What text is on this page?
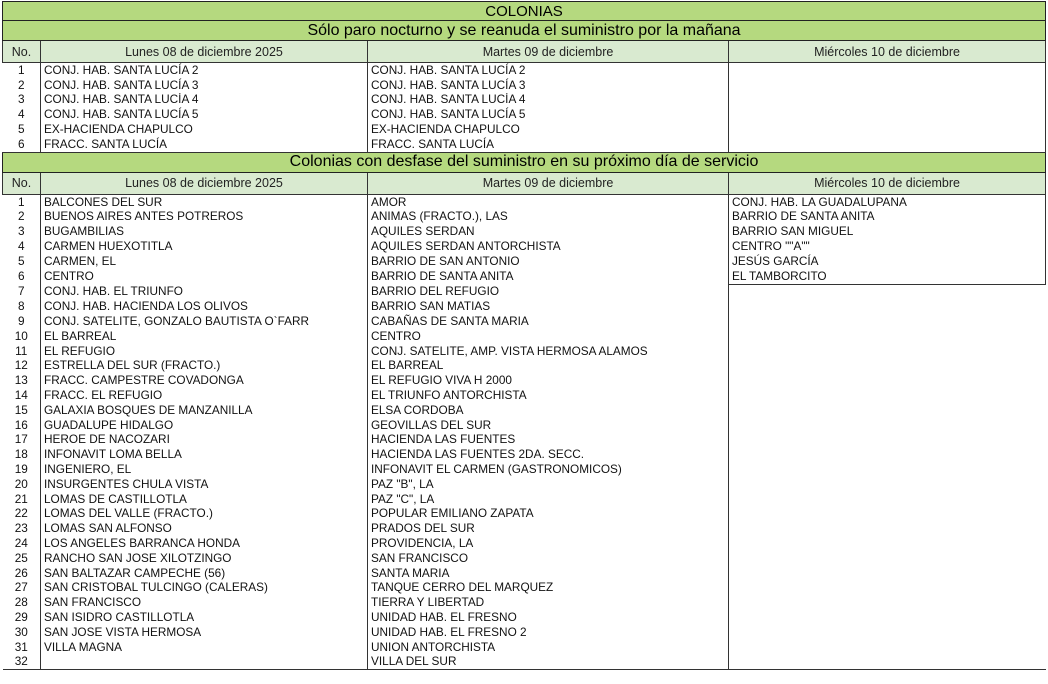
COLONIAS			
Sólo paro nocturno y se reanuda el suministro por la mañana			
No.	Lunes 08 de diciembre 2025	Martes 09 de diciembre	Miércoles 10 de diciembre
1	CONJ. HAB. SANTA LUCÍA 2	CONJ. HAB. SANTA LUCÍA 2	
2	CONJ. HAB. SANTA LUCÍA 3	CONJ. HAB. SANTA LUCÍA 3	
3	CONJ. HAB. SANTA LUCÍA 4	CONJ. HAB. SANTA LUCÍA 4	
4	CONJ. HAB. SANTA LUCÍA 5	CONJ. HAB. SANTA LUCÍA 5	
5	EX-HACIENDA CHAPULCO	EX-HACIENDA CHAPULCO	
6	FRACC. SANTA LUCÍA	FRACC. SANTA LUCÍA	
Colonias con desfase del suministro en su próximo día de servicio			
No.	Lunes 08 de diciembre 2025	Martes 09 de diciembre	Miércoles 10 de diciembre
1	BALCONES DEL SUR	AMOR	CONJ. HAB. LA GUADALUPANA
2	BUENOS AIRES ANTES POTREROS	ANIMAS (FRACTO.), LAS	BARRIO DE SANTA ANITA
3	BUGAMBILIAS	AQUILES SERDAN	BARRIO SAN MIGUEL
4	CARMEN HUEXOTITLA	AQUILES SERDAN ANTORCHISTA	CENTRO ""A""
5	CARMEN, EL	BARRIO DE SAN ANTONIO	JESÚS GARCÍA
6	CENTRO	BARRIO DE SANTA ANITA	EL TAMBORCITO
7	CONJ. HAB. EL TRIUNFO	BARRIO DEL REFUGIO	
8	CONJ. HAB. HACIENDA LOS OLIVOS	BARRIO SAN MATIAS	
9	CONJ. SATELITE, GONZALO BAUTISTA O`FARR	CABAÑAS DE SANTA MARIA	
10	EL BARREAL	CENTRO	
11	EL REFUGIO	CONJ. SATELITE, AMP. VISTA HERMOSA ALAMOS	
12	ESTRELLA DEL SUR (FRACTO.)	EL BARREAL	
13	FRACC. CAMPESTRE COVADONGA	EL REFUGIO VIVA H 2000	
14	FRACC. EL REFUGIO	EL TRIUNFO ANTORCHISTA	
15	GALAXIA BOSQUES DE MANZANILLA	ELSA CORDOBA	
16	GUADALUPE HIDALGO	GEOVILLAS DEL SUR	
17	HEROE DE NACOZARI	HACIENDA LAS FUENTES	
18	INFONAVIT LOMA BELLA	HACIENDA LAS FUENTES 2DA. SECC.	
19	INGENIERO, EL	INFONAVIT EL CARMEN (GASTRONOMICOS)	
20	INSURGENTES CHULA VISTA	PAZ "B", LA	
21	LOMAS DE CASTILLOTLA	PAZ "C", LA	
22	LOMAS DEL VALLE (FRACTO.)	POPULAR EMILIANO ZAPATA	
23	LOMAS SAN ALFONSO	PRADOS DEL SUR	
24	LOS ANGELES BARRANCA HONDA	PROVIDENCIA, LA	
25	RANCHO SAN JOSE XILOTZINGO	SAN FRANCISCO	
26	SAN BALTAZAR CAMPECHE (56)	SANTA MARIA	
27	SAN CRISTOBAL TULCINGO (CALERAS)	TANQUE CERRO DEL MARQUEZ	
28	SAN FRANCISCO	TIERRA Y LIBERTAD	
29	SAN ISIDRO CASTILLOTLA	UNIDAD HAB. EL FRESNO	
30	SAN JOSE VISTA HERMOSA	UNIDAD HAB. EL FRESNO 2	
31	VILLA MAGNA	UNION ANTORCHISTA	
32		VILLA DEL SUR	
